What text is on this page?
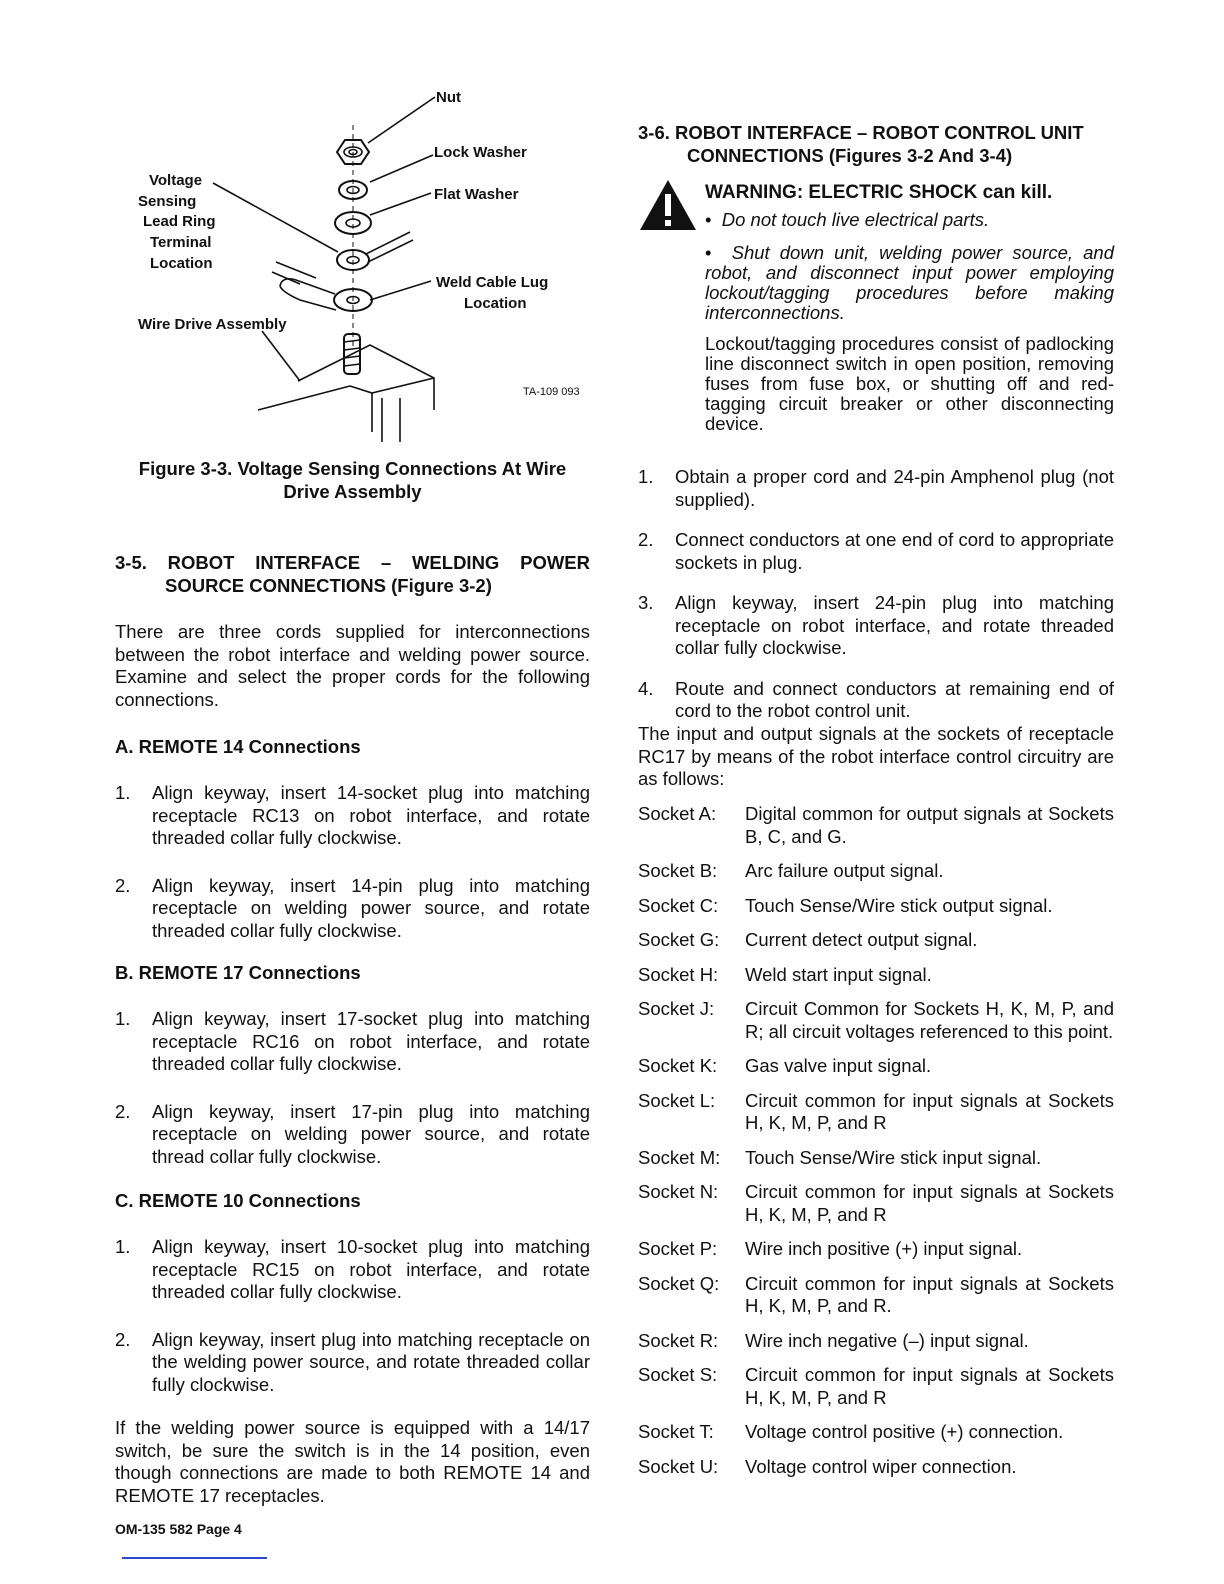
Nut
Lock Washer
Flat Washer
Voltage
Sensing
Lead Ring
Terminal
Location
Weld Cable Lug
Location
Wire Drive Assembly
TA-109 093
Figure 3-3. Voltage Sensing Connections At Wire
Drive Assembly
3-5. ROBOT INTERFACE – WELDING POWER
SOURCE CONNECTIONS (Figure 3-2)

There are three cords supplied for interconnections between the robot interface and welding power source. Examine and select the proper cords for the following connections.

A. REMOTE 14 Connections
1. Align keyway, insert 14-socket plug into matching receptacle RC13 on robot interface, and rotate threaded collar fully clockwise.
2. Align keyway, insert 14-pin plug into matching receptacle on welding power source, and rotate threaded collar fully clockwise.
B. REMOTE 17 Connections
1. Align keyway, insert 17-socket plug into matching receptacle RC16 on robot interface, and rotate threaded collar fully clockwise.
2. Align keyway, insert 17-pin plug into matching receptacle on welding power source, and rotate thread collar fully clockwise.
C. REMOTE 10 Connections
1. Align keyway, insert 10-socket plug into matching receptacle RC15 on robot interface, and rotate threaded collar fully clockwise.
2. Align keyway, insert plug into matching receptacle on the welding power source, and rotate threaded collar fully clockwise.

If the welding power source is equipped with a 14/17 switch, be sure the switch is in the 14 position, even though connections are made to both REMOTE 14 and REMOTE 17 receptacles.

OM-135 582 Page 4
3-6. ROBOT INTERFACE – ROBOT CONTROL UNIT
CONNECTIONS (Figures 3-2 And 3-4)
WARNING: ELECTRIC SHOCK can kill.
•  Do not touch live electrical parts.
•  Shut down unit, welding power source, and robot, and disconnect input power employing lockout/tagging procedures before making interconnections.
Lockout/tagging procedures consist of padlocking line disconnect switch in open position, removing fuses from fuse box, or shutting off and red-tagging circuit breaker or other disconnecting device.
1. Obtain a proper cord and 24-pin Amphenol plug (not supplied).
2. Connect conductors at one end of cord to appropriate sockets in plug.
3. Align keyway, insert 24-pin plug into matching receptacle on robot interface, and rotate threaded collar fully clockwise.
4. Route and connect conductors at remaining end of cord to the robot control unit.

The input and output signals at the sockets of receptacle RC17 by means of the robot interface control circuitry are as follows:

Socket A:	Digital common for output signals at Sockets B, C, and G.
Socket B:	Arc failure output signal.
Socket C:	Touch Sense/Wire stick output signal.
Socket G:	Current detect output signal.
Socket H:	Weld start input signal.
Socket J:	Circuit Common for Sockets H, K, M, P, and R; all circuit voltages referenced to this point.
Socket K:	Gas valve input signal.
Socket L:	Circuit common for input signals at Sockets H, K, M, P, and R
Socket M:	Touch Sense/Wire stick input signal.
Socket N:	Circuit common for input signals at Sockets H, K, M, P, and R
Socket P:	Wire inch positive (+) input signal.
Socket Q:	Circuit common for input signals at Sockets H, K, M, P, and R.
Socket R:	Wire inch negative (–) input signal.
Socket S:	Circuit common for input signals at Sockets H, K, M, P, and R
Socket T:	Voltage control positive (+) connection.
Socket U:	Voltage control wiper connection.
